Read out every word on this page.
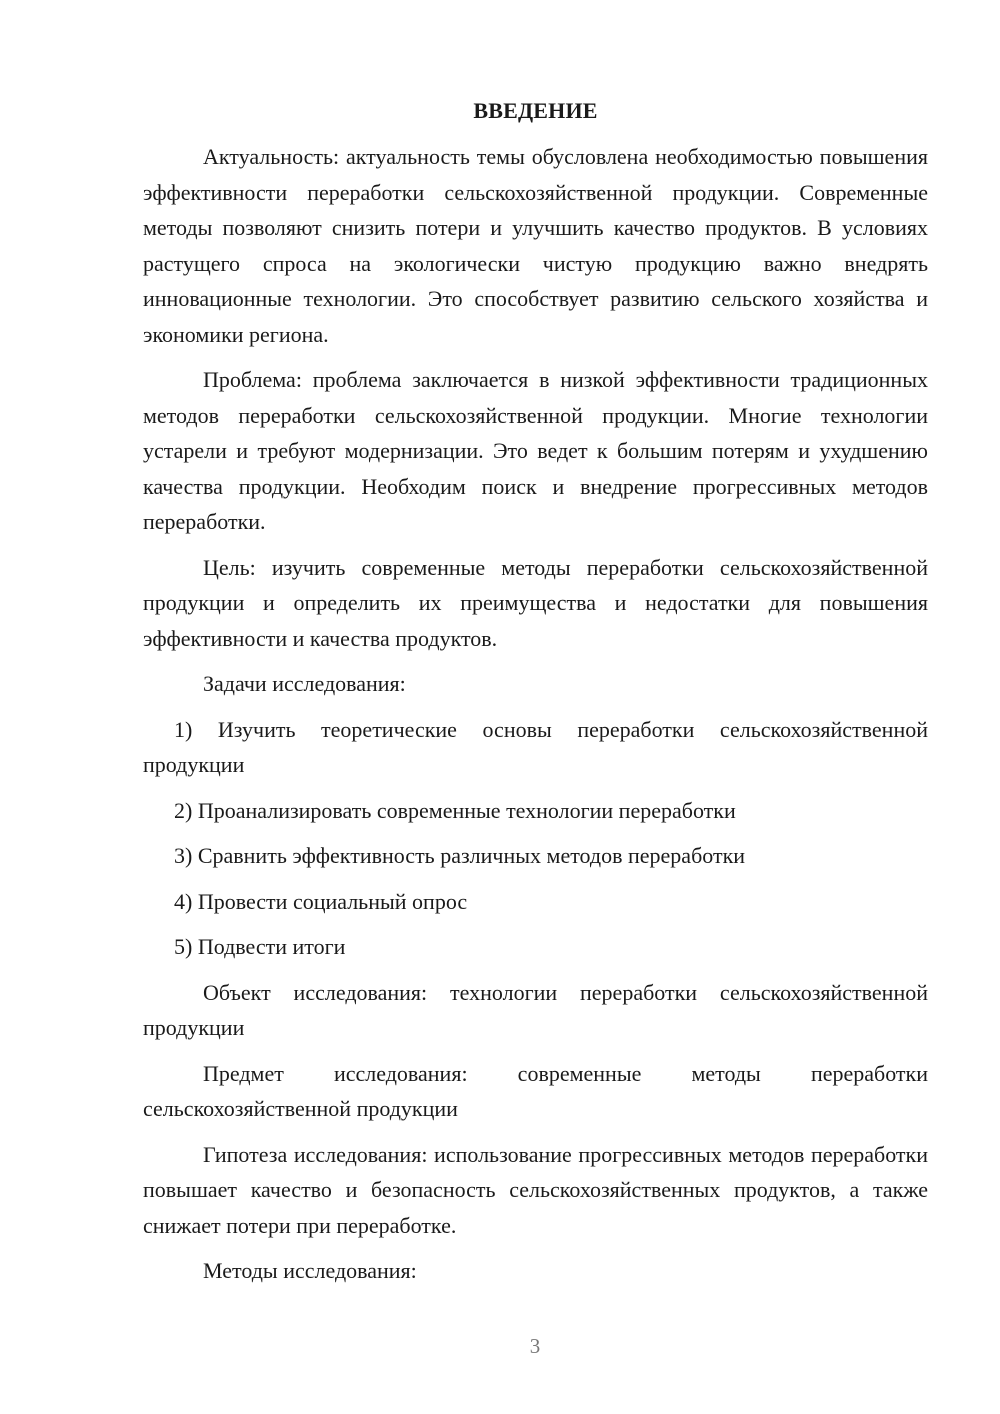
ВВЕДЕНИЕ

Актуальность: актуальность темы обусловлена необходимостью повышения эффективности переработки сельскохозяйственной продукции. Современные методы позволяют снизить потери и улучшить качество продуктов. В условиях растущего спроса на экологически чистую продукцию важно внедрять инновационные технологии. Это способствует развитию сельского хозяйства и экономики региона.

Проблема: проблема заключается в низкой эффективности традиционных методов переработки сельскохозяйственной продукции. Многие технологии устарели и требуют модернизации. Это ведет к большим потерям и ухудшению качества продукции. Необходим поиск и внедрение прогрессивных методов переработки.

Цель: изучить современные методы переработки сельскохозяйственной продукции и определить их преимущества и недостатки для повышения эффективности и качества продуктов.

Задачи исследования:

1) Изучить теоретические основы переработки сельскохозяйственной продукции

2) Проанализировать современные технологии переработки

3) Сравнить эффективность различных методов переработки

4) Провести социальный опрос

5) Подвести итоги

Объект исследования: технологии переработки сельскохозяйственной продукции

Предмет исследования: современные методы переработки сельскохозяйственной продукции

Гипотеза исследования: использование прогрессивных методов переработки повышает качество и безопасность сельскохозяйственных продуктов, а также снижает потери при переработке.

Методы исследования:

3
